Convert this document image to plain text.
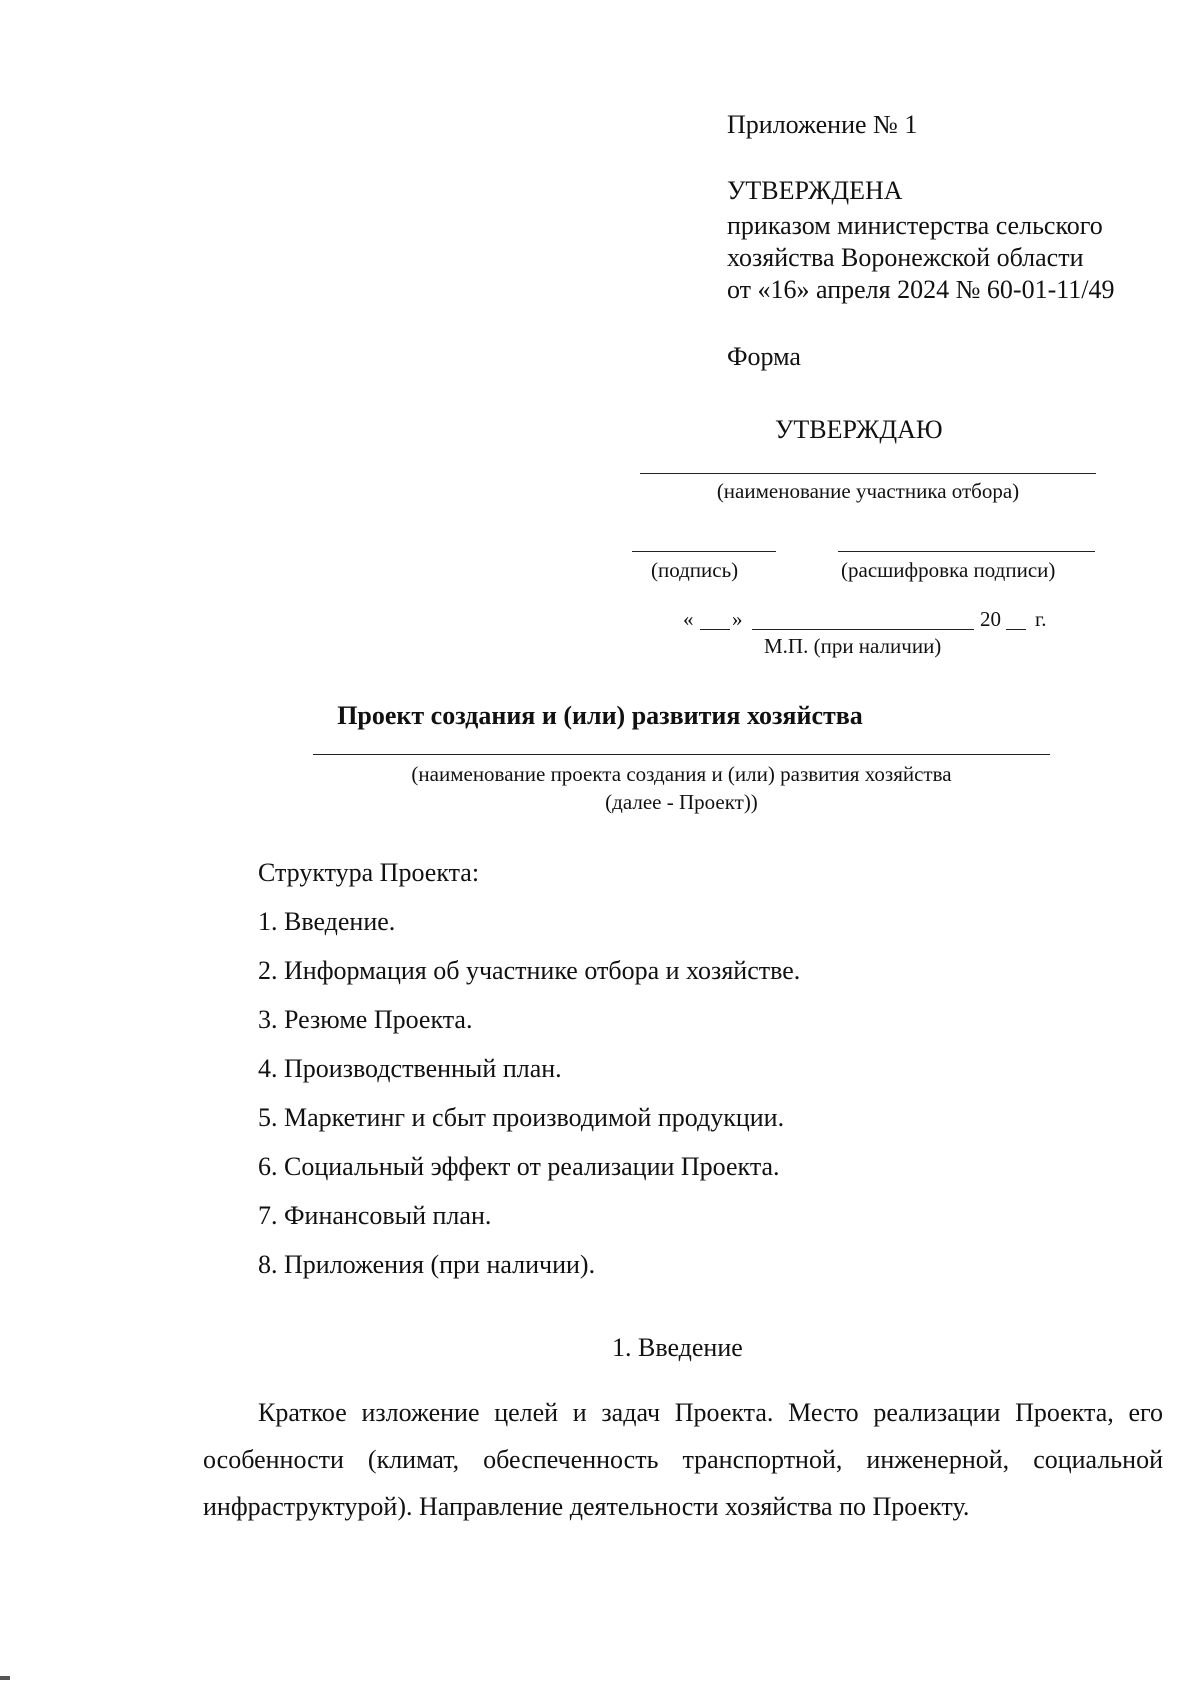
Приложение № 1
УТВЕРЖДЕНА
приказом министерства сельского
хозяйства Воронежской области
от «16» апреля 2024 № 60-01-11/49
Форма
УТВЕРЖДАЮ
(наименование участника отбора)
(подпись)	(расшифровка подписи)
« »	20 г.
М.П. (при наличии)
Проект создания и (или) развития хозяйства
(наименование проекта создания и (или) развития хозяйства
(далее - Проект))
Структура Проекта:
1. Введение.
2. Информация об участнике отбора и хозяйстве.
3. Резюме Проекта.
4. Производственный план.
5. Маркетинг и сбыт производимой продукции.
6. Социальный эффект от реализации Проекта.
7. Финансовый план.
8. Приложения (при наличии).
1. Введение

Краткое изложение целей и задач Проекта. Место реализации Проекта, его особенности (климат, обеспеченность транспортной, инженерной, социальной инфраструктурой). Направление деятельности хозяйства по Проекту.
